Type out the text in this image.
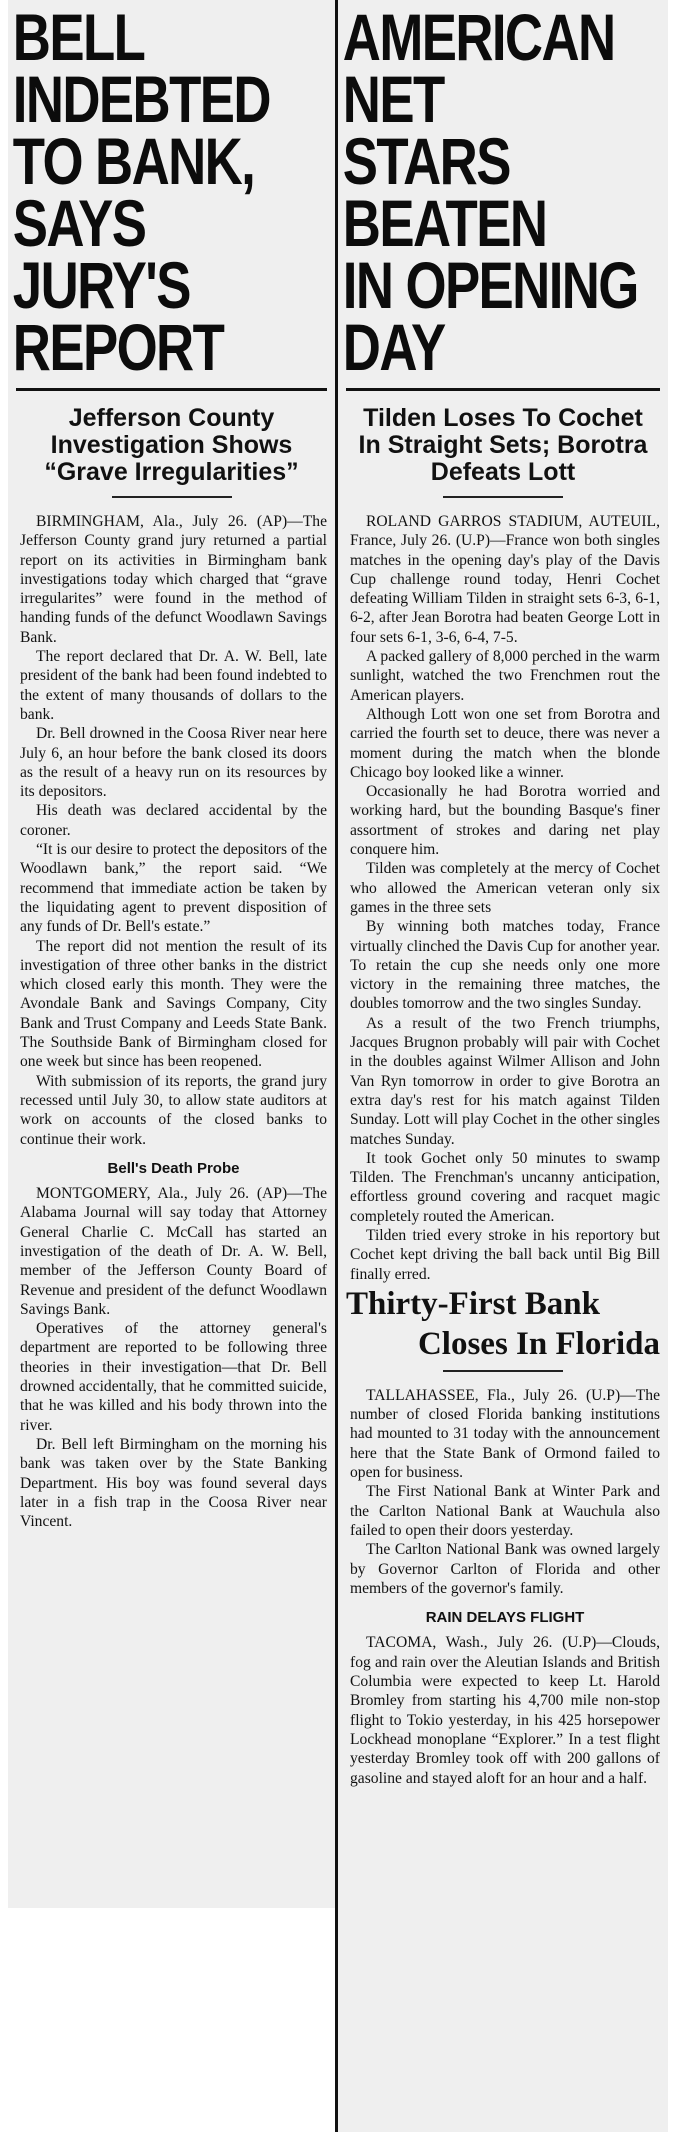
BELL INDEBTED
TO BANK, SAYS
JURY'S REPORT
Jefferson County Investigation Shows “Grave Irregularities”

BIRMINGHAM, Ala., July 26. (AP)—The Jefferson County grand jury returned a partial report on its activities in Birmingham bank investigations today which charged that “grave irregularites” were found in the method of handing funds of the defunct Woodlawn Savings Bank.

The report declared that Dr. A. W. Bell, late president of the bank had been found indebted to the extent of many thousands of dollars to the bank.

Dr. Bell drowned in the Coosa River near here July 6, an hour before the bank closed its doors as the result of a heavy run on its resources by its depositors.

His death was declared accidental by the coroner.

“It is our desire to protect the depositors of the Woodlawn bank,” the report said. “We recommend that immediate action be taken by the liquidating agent to prevent disposition of any funds of Dr. Bell's estate.”

The report did not mention the result of its investigation of three other banks in the district which closed early this month. They were the Avondale Bank and Savings Company, City Bank and Trust Company and Leeds State Bank. The Southside Bank of Birmingham closed for one week but since has been reopened.

With submission of its reports, the grand jury recessed until July 30, to allow state auditors at work on accounts of the closed banks to continue their work.

Bell's Death Probe

MONTGOMERY, Ala., July 26. (AP)—The Alabama Journal will say today that Attorney General Charlie C. McCall has started an investigation of the death of Dr. A. W. Bell, member of the Jefferson County Board of Revenue and president of the defunct Woodlawn Savings Bank.

Operatives of the attorney general's department are reported to be following three theories in their investigation—that Dr. Bell drowned accidentally, that he committed suicide, that he was killed and his body thrown into the river.

Dr. Bell left Birmingham on the morning his bank was taken over by the State Banking Department. His boy was found several days later in a fish trap in the Coosa River near Vincent.

AMERICAN NET
STARS BEATEN
IN OPENING DAY
Tilden Loses To Cochet In Straight Sets; Borotra Defeats Lott

ROLAND GARROS STADIUM, AUTEUIL, France, July 26. (U.P)—France won both singles matches in the opening day's play of the Davis Cup challenge round today, Henri Cochet defeating William Tilden in straight sets 6-3, 6-1, 6-2, after Jean Borotra had beaten George Lott in four sets 6-1, 3-6, 6-4, 7-5.

A packed gallery of 8,000 perched in the warm sunlight, watched the two Frenchmen rout the American players.

Although Lott won one set from Borotra and carried the fourth set to deuce, there was never a moment during the match when the blonde Chicago boy looked like a winner.

Occasionally he had Borotra worried and working hard, but the bounding Basque's finer assortment of strokes and daring net play conquere him.

Tilden was completely at the mercy of Cochet who allowed the American veteran only six games in the three sets

By winning both matches today, France virtually clinched the Davis Cup for another year. To retain the cup she needs only one more victory in the remaining three matches, the doubles tomorrow and the two singles Sunday.

As a result of the two French triumphs, Jacques Brugnon probably will pair with Cochet in the doubles against Wilmer Allison and John Van Ryn tomorrow in order to give Borotra an extra day's rest for his match against Tilden Sunday. Lott will play Cochet in the other singles matches Sunday.

It took Gochet only 50 minutes to swamp Tilden. The Frenchman's uncanny anticipation, effortless ground covering and racquet magic completely routed the American.

Tilden tried every stroke in his reportory but Cochet kept driving the ball back until Big Bill finally erred.

Thirty-First Bank
Closes In Florida

TALLAHASSEE, Fla., July 26. (U.P)—The number of closed Florida banking institutions had mounted to 31 today with the announcement here that the State Bank of Ormond failed to open for business.

The First National Bank at Winter Park and the Carlton National Bank at Wauchula also failed to open their doors yesterday.

The Carlton National Bank was owned largely by Governor Carlton of Florida and other members of the governor's family.

RAIN DELAYS FLIGHT

TACOMA, Wash., July 26. (U.P)—Clouds, fog and rain over the Aleutian Islands and British Columbia were expected to keep Lt. Harold Bromley from starting his 4,700 mile non-stop flight to Tokio yesterday, in his 425 horsepower Lockhead monoplane “Explorer.” In a test flight yesterday Bromley took off with 200 gallons of gasoline and stayed aloft for an hour and a half.
